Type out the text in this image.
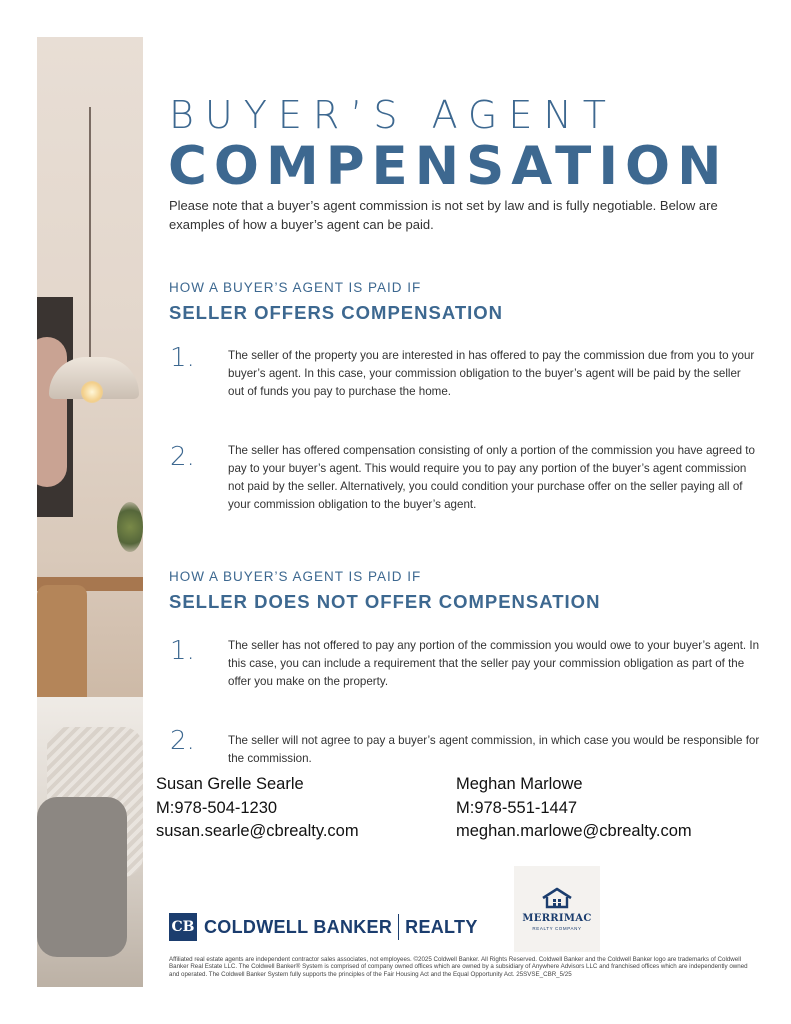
BUYER’S AGENT
COMPENSATION
Please note that a buyer’s agent commission is not set by law and is fully negotiable. Below are examples of how a buyer’s agent can be paid.
HOW A BUYER’S AGENT IS PAID IF
SELLER OFFERS COMPENSATION
1.	The seller of the property you are interested in has offered to pay the commission due from you to your buyer’s agent. In this case, your commission obligation to the buyer’s agent will be paid by the seller out of funds you pay to purchase the home.
2.	The seller has offered compensation consisting of only a portion of the commission you have agreed to pay to your buyer’s agent. This would require you to pay any portion of the buyer’s agent commission not paid by the seller. Alternatively, you could condition your purchase offer on the seller paying all of your commission obligation to the buyer’s agent.
HOW A BUYER’S AGENT IS PAID IF
SELLER DOES NOT OFFER COMPENSATION
1.	The seller has not offered to pay any portion of the commission you would owe to your buyer’s agent. In this case, you can include a requirement that the seller pay your commission obligation as part of the offer you make on the property.
2.	The seller will not agree to pay a buyer’s agent commission, in which case you would be responsible for the commission.
Susan Grelle Searle
M:978-504-1230
susan.searle@cbrealty.com
Meghan Marlowe
M:978-551-1447
meghan.marlowe@cbrealty.com
CB COLDWELL BANKER REALTY	MERRIMAC
REALTY COMPANY
Affiliated real estate agents are independent contractor sales associates, not employees. ©2025 Coldwell Banker. All Rights Reserved. Coldwell Banker and the Coldwell Banker logo are trademarks of Coldwell Banker Real Estate LLC. The Coldwell Banker® System is comprised of company owned offices which are owned by a subsidiary of Anywhere Advisors LLC and franchised offices which are independently owned and operated. The Coldwell Banker System fully supports the principles of the Fair Housing Act and the Equal Opportunity Act. 25SVSE_CBR_5/25
